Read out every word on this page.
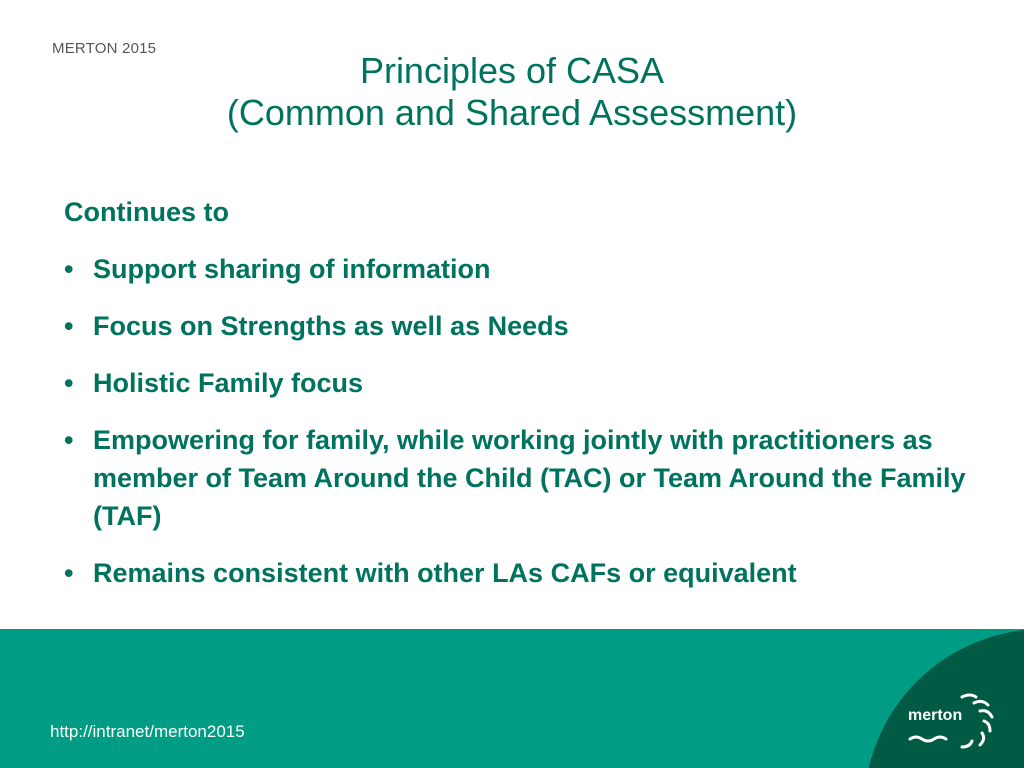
MERTON 2015
Principles of CASA
(Common and Shared Assessment)
Continues to
• Support sharing of information
• Focus on Strengths as well as Needs
• Holistic Family focus
• Empowering for family, while working jointly with practitioners as member of Team Around the Child (TAC) or Team Around the Family (TAF)
• Remains consistent with other LAs CAFs or equivalent
http://intranet/merton2015
merton
